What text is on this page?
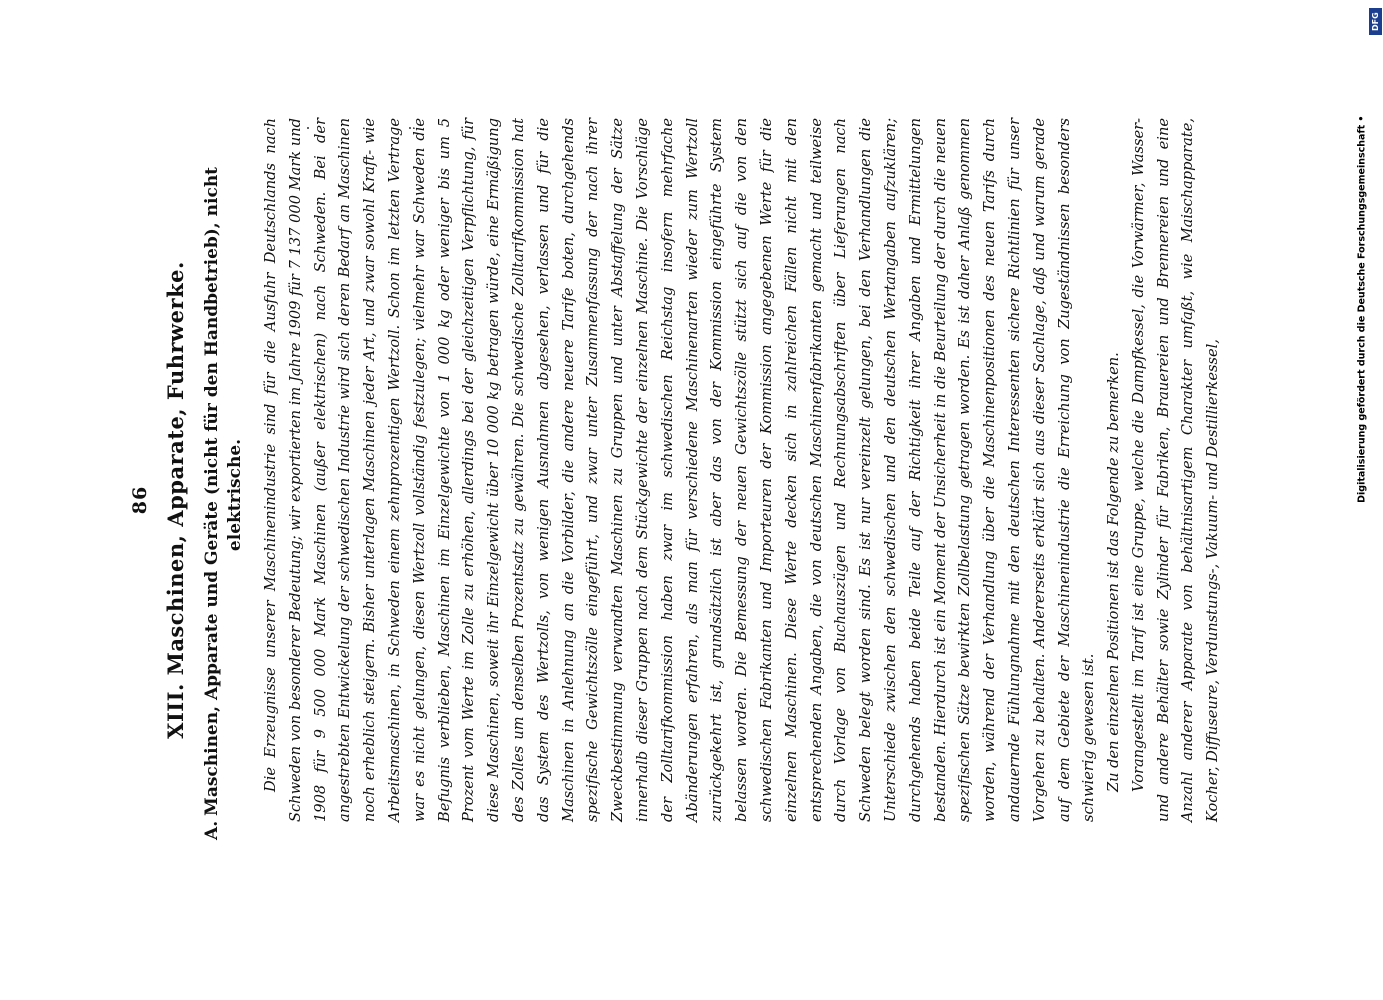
86 XIII. Maschinen, Apparate, Fuhrwerke.
A.Maschinen, Apparate und Geräte (nicht für den Handbetrieb), nicht elektrische. Die Erzeugnisse unserer Maschinenindustrie sind für die Ausfuhr Deutschlands nach Schweden von besonderer Bedeutung; wir exportierten im Jahre 1909 für 7 137 000 Mark und 1908 für 9 500 000 Mark Maschinen (außer elektrischen) nach Schweden. Bei der angestrebten Entwickelung der schwedischen Industrie wird sich deren Bedarf an Maschinen noch erheblich steigern. Bisher unterlagen Maschinen jeder Art, und zwar sowohl Kraft- wie Arbeitsmaschinen, in Schweden einem zehnprozentigen Wertzoll. Schon im letzten Vertrage war es nicht gelungen, diesen Wertzoll vollständig festzulegen; vielmehr war Schweden die Befugnis verblieben, Maschinen im Einzelgewichte von 1 000 kg oder weniger bis um 5 Prozent vom Werte im Zolle zu erhöhen, allerdings bei der gleichzeitigen Verpflichtung, für diese Maschinen, soweit ihr Einzelgewicht über 10 000 kg betragen würde, eine Ermäßigung des Zolles um denselben Prozentsatz zu gewähren. Die schwedische Zolltarifkommission hat das System des Wertzolls, von wenigen Ausnahmen abgesehen, verlassen und für die Maschinen in Anlehnung an die Vorbilder, die andere neuere Tarife boten, durchgehends spezifische Gewichtszölle eingeführt, und zwar unter Zusammenfassung der nach ihrer Zweckbestimmung verwandten Maschinen zu Gruppen und unter Abstaffelung der Sätze innerhalb dieser Gruppen nach dem Stückgewichte der einzelnen Maschine. Die Vorschläge der Zolltarifkommission haben zwar im schwedischen Reichstag insofern mehrfache Abänderungen erfahren, als man für verschiedene Maschinenarten wieder zum Wertzoll zurückgekehrt ist, grundsätzlich ist aber das von der Kommission eingeführte System belassen worden. Die Bemessung der neuen Gewichtszölle stützt sich auf die von den schwedischen Fabrikanten und Importeuren der Kommission angegebenen Werte für die einzelnen Maschinen. Diese Werte decken sich in zahlreichen Fällen nicht mit den entsprechenden Angaben, die von deutschen Maschinenfabrikanten gemacht und teilweise durch Vorlage von Buchauszügen und Rechnungsabschriften über Lieferungen nach Schweden belegt worden sind. Es ist nur vereinzelt gelungen, bei den Verhandlungen die Unterschiede zwischen den schwedischen und den deutschen Wertangaben aufzuklären; durchgehends haben beide Teile auf der Richtigkeit ihrer Angaben und Ermittelungen bestanden. Hierdurch ist ein Moment der Unsicherheit in die Beurteilung der durch die neuen spezifischen Sätze bewirkten Zollbelastung getragen worden. Es ist daher Anlaß genommen worden, während der Verhandlung über die Maschinenpositionen des neuen Tarifs durch andauernde Fühlungnahme mit den deutschen Interessenten sichere Richtlinien für unser Vorgehen zu behalten. Andererseits erklärt sich aus dieser Sachlage, daß und warum gerade auf dem Gebiete der Maschinenindustrie die Erreichung von Zugeständnissen besonders schwierig gewesen ist. Zu den einzelnen Positionen ist das Folgende zu bemerken. Vorangestellt im Tarif ist eine Gruppe, welche die Dampfkessel, die Vorwärmer, Wasser- und andere Behälter sowie Zylinder für Fabriken, Brauereien und Brennereien und eine Anzahl anderer Apparate von behältnisartigem Charakter umfaßt, wie Maischapparate, Kocher, Diffuseure, Verdunstungs-, Vakuum- und Destillierkessel,

Digitalisierung gefördert durch die Deutsche Forschungsgemeinschaft •
DFG
